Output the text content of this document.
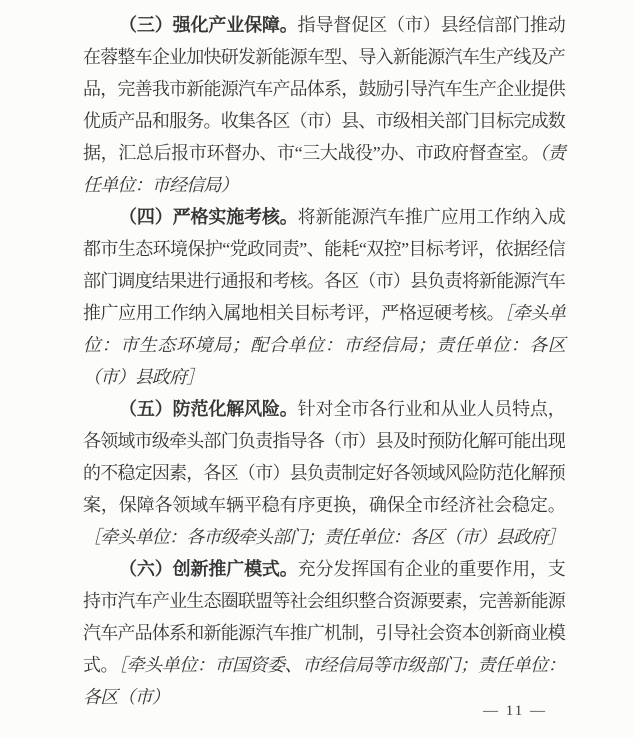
（三）强化产业保障。指导督促区（市）县经信部门推动在蓉整车企业加快研发新能源车型、导入新能源汽车生产线及产品，完善我市新能源汽车产品体系，鼓励引导汽车生产企业提供优质产品和服务。收集各区（市）县、市级相关部门目标完成数据，汇总后报市环督办、市“三大战役”办、市政府督查室。（责任单位：市经信局）

（四）严格实施考核。将新能源汽车推广应用工作纳入成都市生态环境保护“党政同责”、能耗“双控”目标考评，依据经信部门调度结果进行通报和考核。各区（市）县负责将新能源汽车推广应用工作纳入属地相关目标考评，严格逗硬考核。［牵头单位：市生态环境局；配合单位：市经信局；责任单位：各区（市）县政府］

（五）防范化解风险。针对全市各行业和从业人员特点，各领域市级牵头部门负责指导各（市）县及时预防化解可能出现的不稳定因素，各区（市）县负责制定好各领域风险防范化解预案，保障各领域车辆平稳有序更换，确保全市经济社会稳定。［牵头单位：各市级牵头部门；责任单位：各区（市）县政府］

（六）创新推广模式。充分发挥国有企业的重要作用，支持市汽车产业生态圈联盟等社会组织整合资源要素，完善新能源汽车产品体系和新能源汽车推广机制，引导社会资本创新商业模式。［牵头单位：市国资委、市经信局等市级部门；责任单位：各区（市）

— 11 —
